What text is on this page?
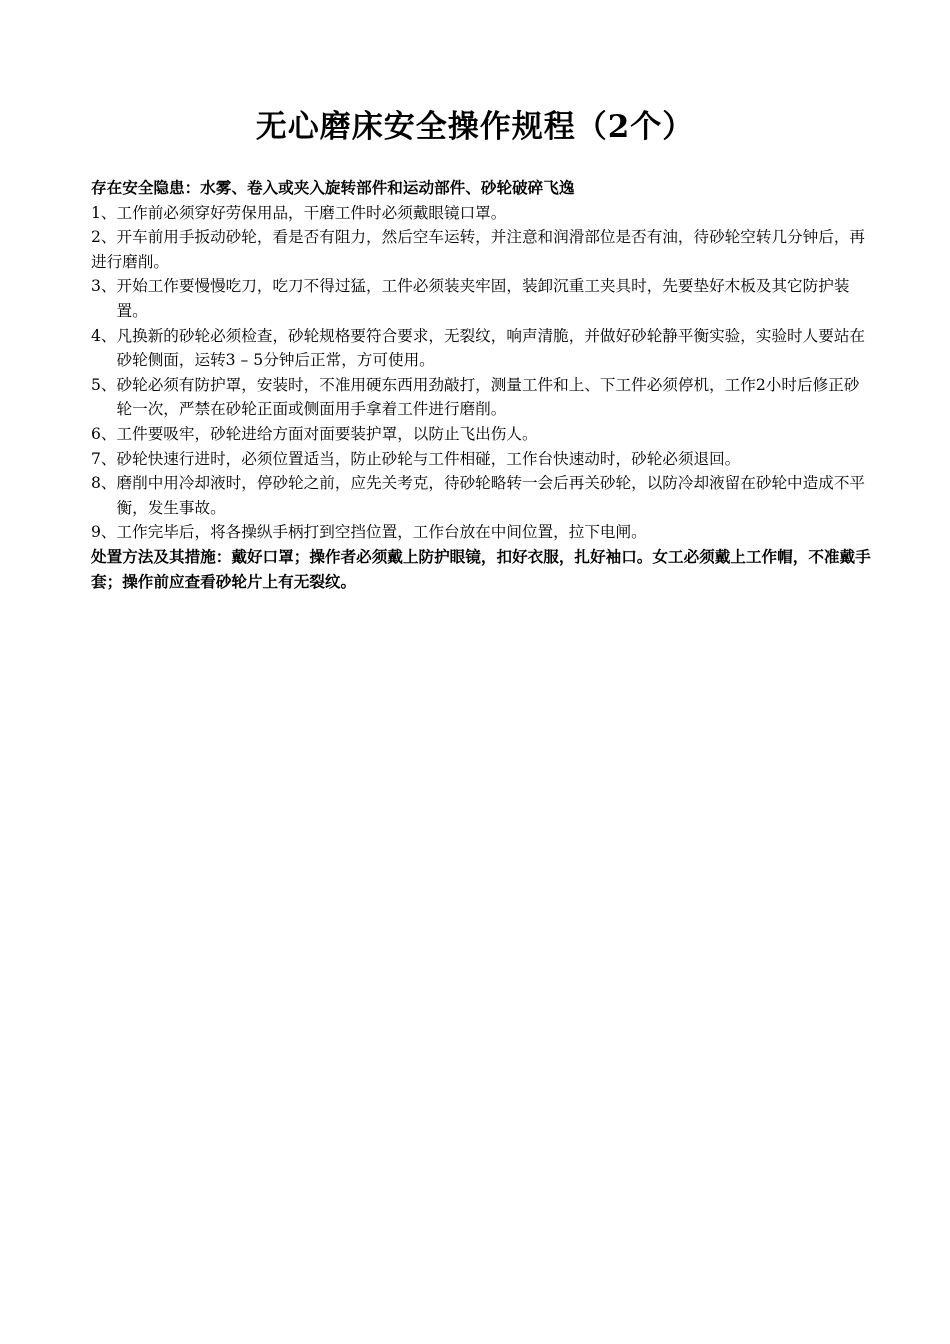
无心磨床安全操作规程（2个）

存在安全隐患：水雾、卷入或夹入旋转部件和运动部件、砂轮破碎飞逸

1、工作前必须穿好劳保用品，干磨工件时必须戴眼镜口罩。

2、开车前用手扳动砂轮，看是否有阻力，然后空车运转，并注意和润滑部位是否有油，待砂轮空转几分钟后，再进行磨削。

3、 开始工作要慢慢吃刀，吃刀不得过猛，工件必须装夹牢固，装卸沉重工夹具时，先要垫好木板及其它防护装置。
4、 凡换新的砂轮必须检查，砂轮规格要符合要求，无裂纹，响声清脆，并做好砂轮静平衡实验，实验时人要站在砂轮侧面，运转3 – 5分钟后正常，方可使用。
5、 砂轮必须有防护罩，安装时，不准用硬东西用劲敲打，测量工件和上、下工件必须停机，工作2小时后修正砂轮一次，严禁在砂轮正面或侧面用手拿着工件进行磨削。
6、 工件要吸牢，砂轮进给方面对面要装护罩，以防止飞出伤人。
7、 砂轮快速行进时，必须位置适当，防止砂轮与工件相碰，工作台快速动时，砂轮必须退回。
8、 磨削中用冷却液时，停砂轮之前，应先关考克，待砂轮略转一会后再关砂轮，以防冷却液留在砂轮中造成不平衡，发生事故。
9、 工作完毕后，将各操纵手柄打到空挡位置，工作台放在中间位置，拉下电闸。

处置方法及其措施：戴好口罩；操作者必须戴上防护眼镜，扣好衣服，扎好袖口。女工必须戴上工作帽，不准戴手套；操作前应查看砂轮片上有无裂纹。
